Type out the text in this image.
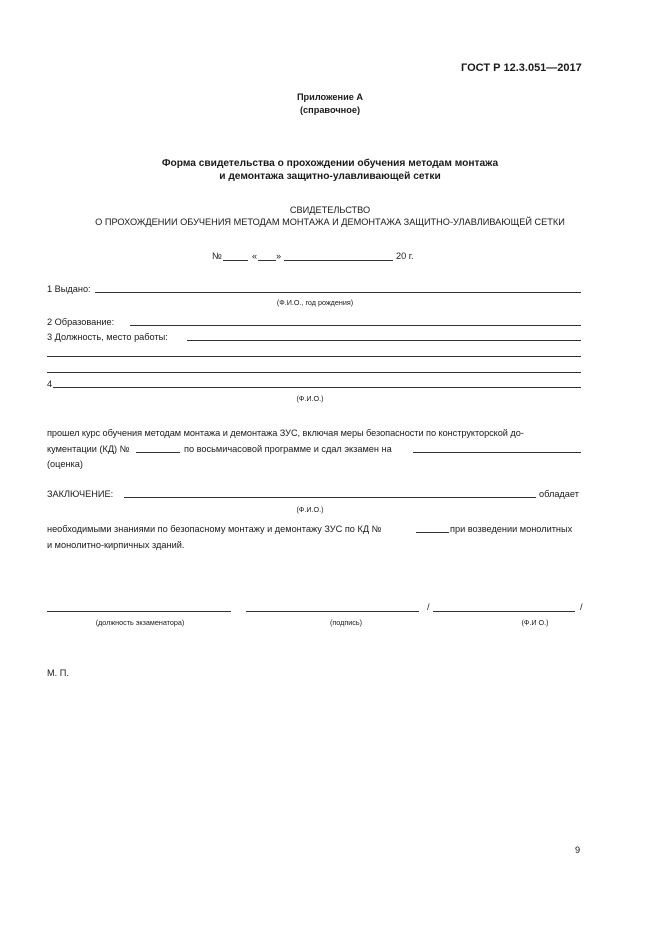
ГОСТ Р 12.3.051—2017
Приложение А
(справочное)
Форма свидетельства о прохождении обучения методам монтажа
и демонтажа защитно-улавливающей сетки
СВИДЕТЕЛЬСТВО
О ПРОХОЖДЕНИИ ОБУЧЕНИЯ МЕТОДАМ МОНТАЖА И ДЕМОНТАЖА ЗАЩИТНО-УЛАВЛИВАЮЩЕЙ СЕТКИ
№	« »	20 г.
1 Выдано:
(Ф.И.О., год рождения)
2 Образование:
3 Должность, место работы:
4
(Ф.И.О.)
прошел курс обучения методам монтажа и демонтажа ЗУС, включая меры безопасности по конструкторской до-
кументации (КД) №	по восьмичасовой программе и сдал экзамен на
(оценка)
ЗАКЛЮЧЕНИЕ:	обладает
(Ф.И.О.)
необходимыми знаниями по безопасному монтажу и демонтажу ЗУС по КД №	при возведении монолитных
и монолитно-кирпичных зданий.
/	/
(должность экзаменатора)	(подпись)	(Ф.И О.)
М. П.
9
